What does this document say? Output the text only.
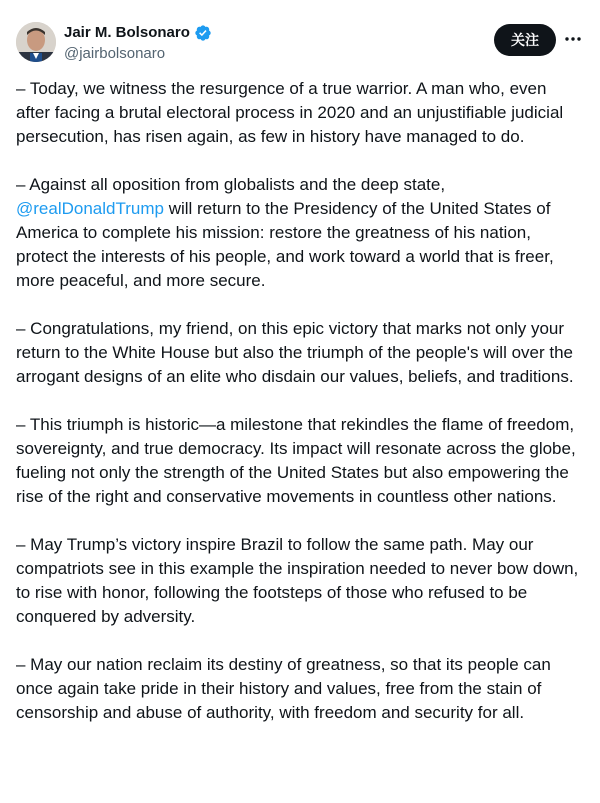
Jair M. Bolsonaro
@jairbolsonaro
关注

– Today, we witness the resurgence of a true warrior. A man who, even after facing a brutal electoral process in 2020 and an unjustifiable judicial persecution, has risen again, as few in history have managed to do.

– Against all oposition from globalists and the deep state,
@realDonaldTrump will return to the Presidency of the United States of America to complete his mission: restore the greatness of his nation, protect the interests of his people, and work toward a world that is freer, more peaceful, and more secure.

– Congratulations, my friend, on this epic victory that marks not only your return to the White House but also the triumph of the people's will over the arrogant designs of an elite who disdain our values, beliefs, and traditions.

– This triumph is historic—a milestone that rekindles the flame of freedom, sovereignty, and true democracy. Its impact will resonate across the globe, fueling not only the strength of the United States but also empowering the rise of the right and conservative movements in countless other nations.

– May Trump’s victory inspire Brazil to follow the same path. May our compatriots see in this example the inspiration needed to never bow down, to rise with honor, following the footsteps of those who refused to be conquered by adversity.

– May our nation reclaim its destiny of greatness, so that its people can once again take pride in their history and values, free from the stain of censorship and abuse of authority, with freedom and security for all.
